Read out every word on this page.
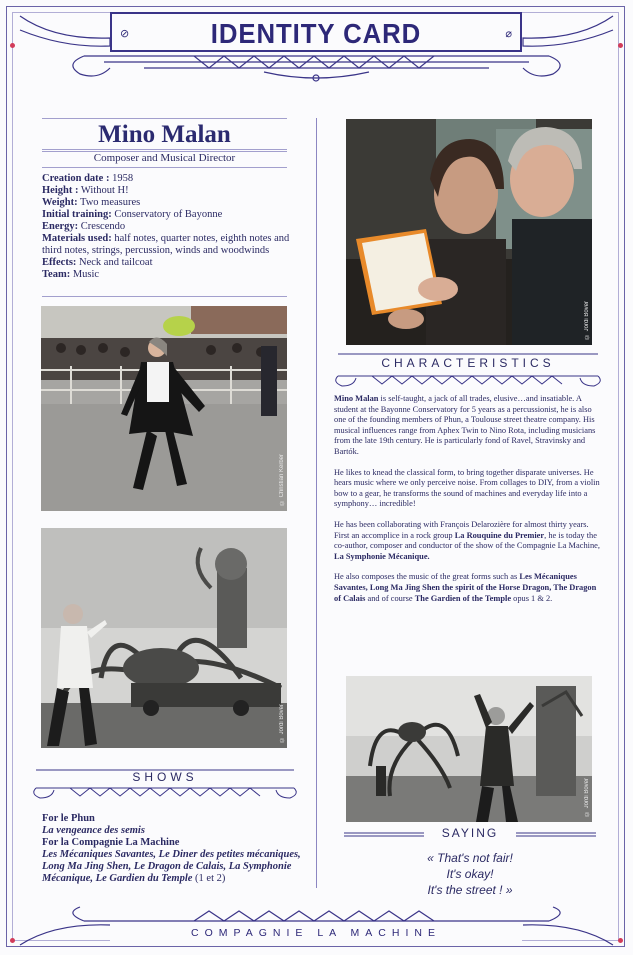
⊘	IDENTITY CARD	⌀
Mino Malan
Composer and Musical Director
Creation date : 1958
Height : Without H!
Weight: Two measures
Initial training: Conservatory of Bayonne
Energy: Crescendo
Materials used: half notes, quarter notes, eighth notes and third notes, strings, percussion, winds and woodwinds
Effects: Neck and tailcoat
Team: Music
© Jordi Bover
© Christian Kerber
© Jordi Bover
CHARACTERISTICS

Mino Malan is self-taught, a jack of all trades, elusive…and insatiable. A student at the Bayonne Conservatory for 5 years as a percussionist, he is also one of the founding members of Phun, a Toulouse street theatre company. His musical influences range from Aphex Twin to Nino Rota, including musicians from the late 19th century. He is particularly fond of Ravel, Stravinsky and Bartók.

He likes to knead the classical form, to bring together disparate universes. He hears music where we only perceive noise. From collages to DIY, from a violin bow to a gear, he transforms the sound of machines and everyday life into a symphony… incredible!

He has been collaborating with François Delarozière for almost thirty years. First an accomplice in a rock group La Rouquine du Premier, he is today the co-author, composer and conductor of the show of the Compagnie La Machine, La Symphonie Mécanique.

He also composes the music of the great forms such as Les Mécaniques Savantes, Long Ma Jing Shen the spirit of the Horse Dragon, The Dragon of Calais and of course The Gardien of the Temple opus 1 & 2.

SHOWS
For le Phun
La vengeance des semis
For la Compagnie La Machine
Les Mécaniques Savantes, Le Diner des petites mécaniques, Long Ma Jing Shen, Le Dragon de Calais, La Symphonie Mécanique, Le Gardien du Temple (1 et 2)
© Jordi Bover
SAYING
« That's not fair!
It's okay!
It's the street ! »
COMPAGNIE LA MACHINE
